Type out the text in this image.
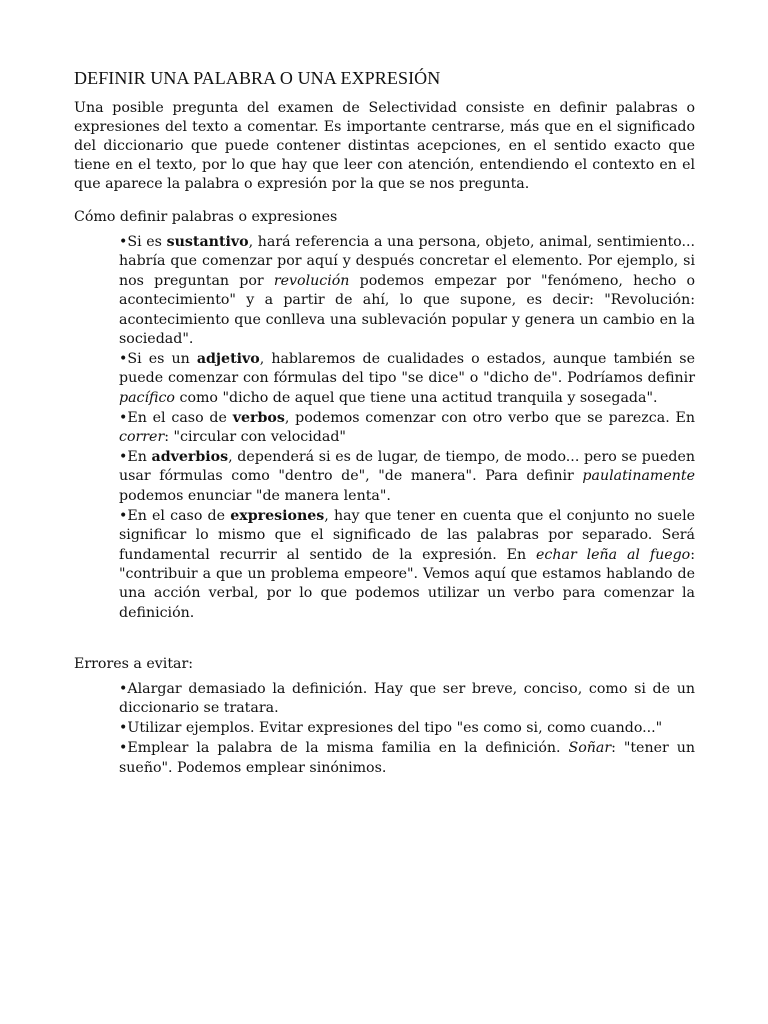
DEFINIR UNA PALABRA O UNA EXPRESIÓN

Una posible pregunta del examen de Selectividad consiste en definir palabras o expresiones del texto a comentar. Es importante centrarse, más que en el significado del diccionario que puede contener distintas acepciones, en el sentido exacto que tiene en el texto, por lo que hay que leer con atención, entendiendo el contexto en el que aparece la palabra o expresión por la que se nos pregunta.

Cómo definir palabras o expresiones
•Si es sustantivo, hará referencia a una persona, objeto, animal, sentimiento... habría que comenzar por aquí y después concretar el elemento. Por ejemplo, si nos preguntan por revolución podemos empezar por "fenómeno, hecho o acontecimiento" y a partir de ahí, lo que supone, es decir: "Revolución: acontecimiento que conlleva una sublevación popular y genera un cambio en la sociedad".
•Si es un adjetivo, hablaremos de cualidades o estados, aunque también se puede comenzar con fórmulas del tipo "se dice" o "dicho de". Podríamos definir pacífico como "dicho de aquel que tiene una actitud tranquila y sosegada".
•En el caso de verbos, podemos comenzar con otro verbo que se parezca. En correr: "circular con velocidad"
•En adverbios, dependerá si es de lugar, de tiempo, de modo... pero se pueden usar fórmulas como "dentro de", "de manera". Para definir paulatinamente podemos enunciar "de manera lenta".
•En el caso de expresiones, hay que tener en cuenta que el conjunto no suele significar lo mismo que el significado de las palabras por separado. Será fundamental recurrir al sentido de la expresión. En echar leña al fuego: "contribuir a que un problema empeore". Vemos aquí que estamos hablando de una acción verbal, por lo que podemos utilizar un verbo para comenzar la definición.
Errores a evitar:
•Alargar demasiado la definición. Hay que ser breve, conciso, como si de un diccionario se tratara.
•Utilizar ejemplos. Evitar expresiones del tipo "es como si, como cuando..."
•Emplear la palabra de la misma familia en la definición. Soñar: "tener un sueño". Podemos emplear sinónimos.
